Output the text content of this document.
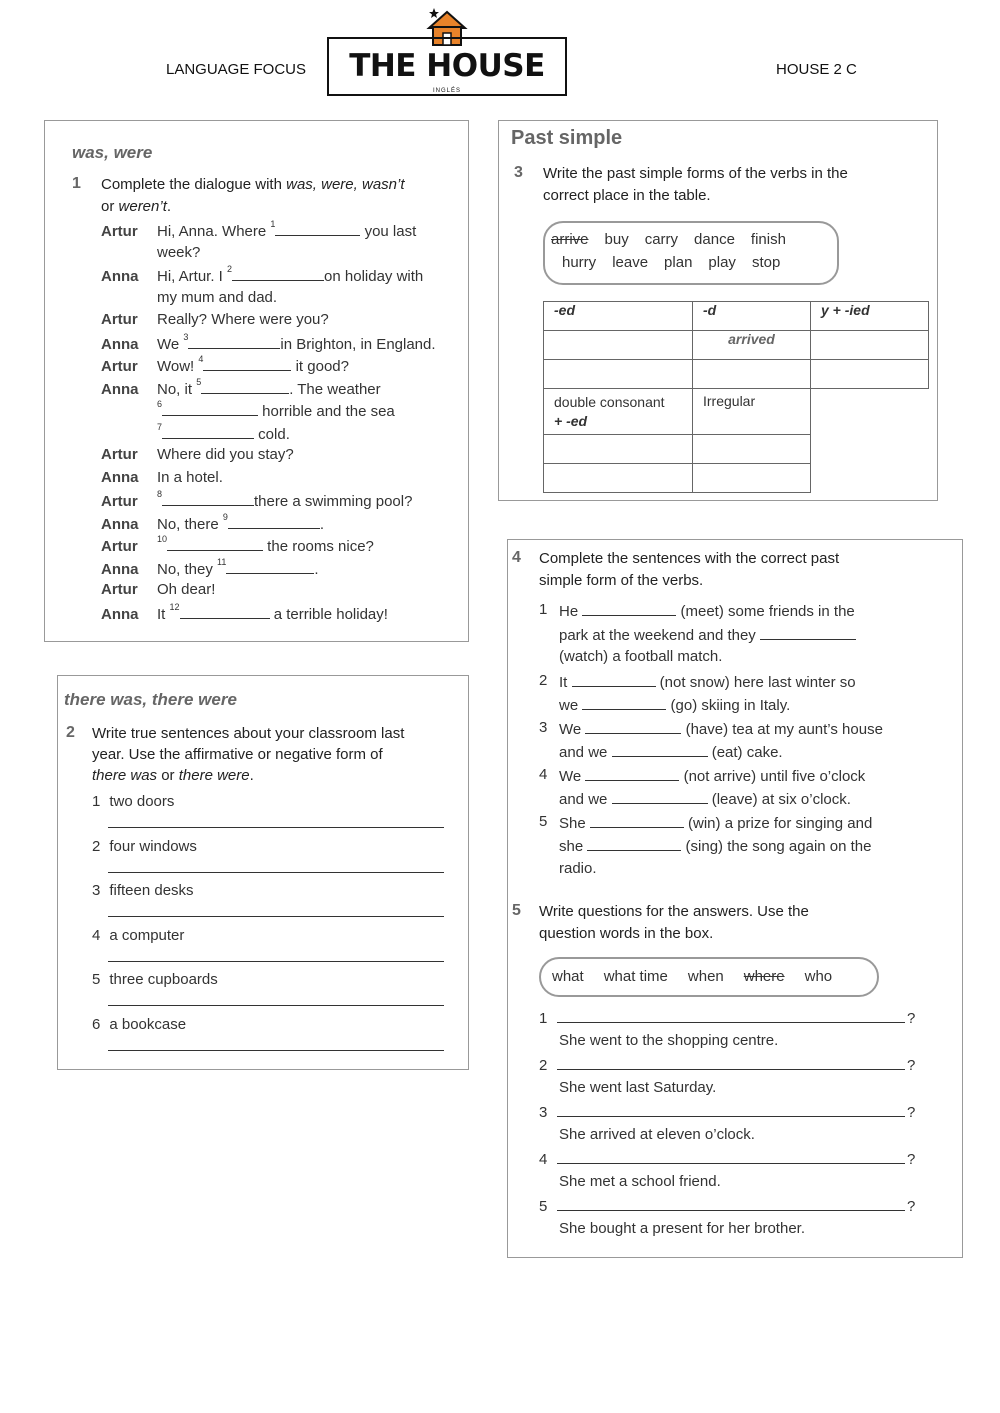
LANGUAGE FOCUS	HOUSE 2 C
THE HOUSE
INGLÉS
was, were
1 Complete the dialogue with was, were, wasn’t
or weren’t.
Artur Hi, Anna. Where $^1$	you last
week?
Anna Hi, Artur. I $^2$	on holiday with
my mum and dad.
Artur Really? Where were you?
Anna We $^3$	in Brighton, in England.
Artur Wow! $^4$	it good?
Anna No, it $^5$	. The weather
$^6$	horrible and the sea
$^7$	cold.
Artur Where did you stay?
Anna In a hotel.
Artur $^8$	there a swimming pool?
Anna No, there $^9$	.
Artur $^{10}$	the rooms nice?
Anna No, they $^{11}$	.
Artur Oh dear!
Anna It $^{12}$	a terrible holiday!
there was, there were
2 Write true sentences about your classroom last
year. Use the affirmative or negative form of
there was or there were.
1 two doors
2 four windows
3 fifteen desks
4 a computer
5 three cupboards
6 a bookcase
Past simple
3 Write the past simple forms of the verbs in the
correct place in the table.
arrive buy carry dance finish
hurry leave plan play stop
-ed	-d	y + -ied
	arrived	

double consonant
+ -ed	Irregular	

4 Complete the sentences with the correct past
simple form of the verbs.
1 He	(meet) some friends in the
park at the weekend and they
(watch) a football match.
2 It	(not snow) here last winter so
we	(go) skiing in Italy.
3 We	(have) tea at my aunt’s house
and we	(eat) cake.
4 We	(not arrive) until five o’clock
and we	(leave) at six o’clock.
5 She	(win) a prize for singing and
she	(sing) the song again on the
radio.
5 Write questions for the answers. Use the
question words in the box.
what what time when where who
1	?
She went to the shopping centre.
2	?
She went last Saturday.
3	?
She arrived at eleven o’clock.
4	?
She met a school friend.
5	?
She bought a present for her brother.
